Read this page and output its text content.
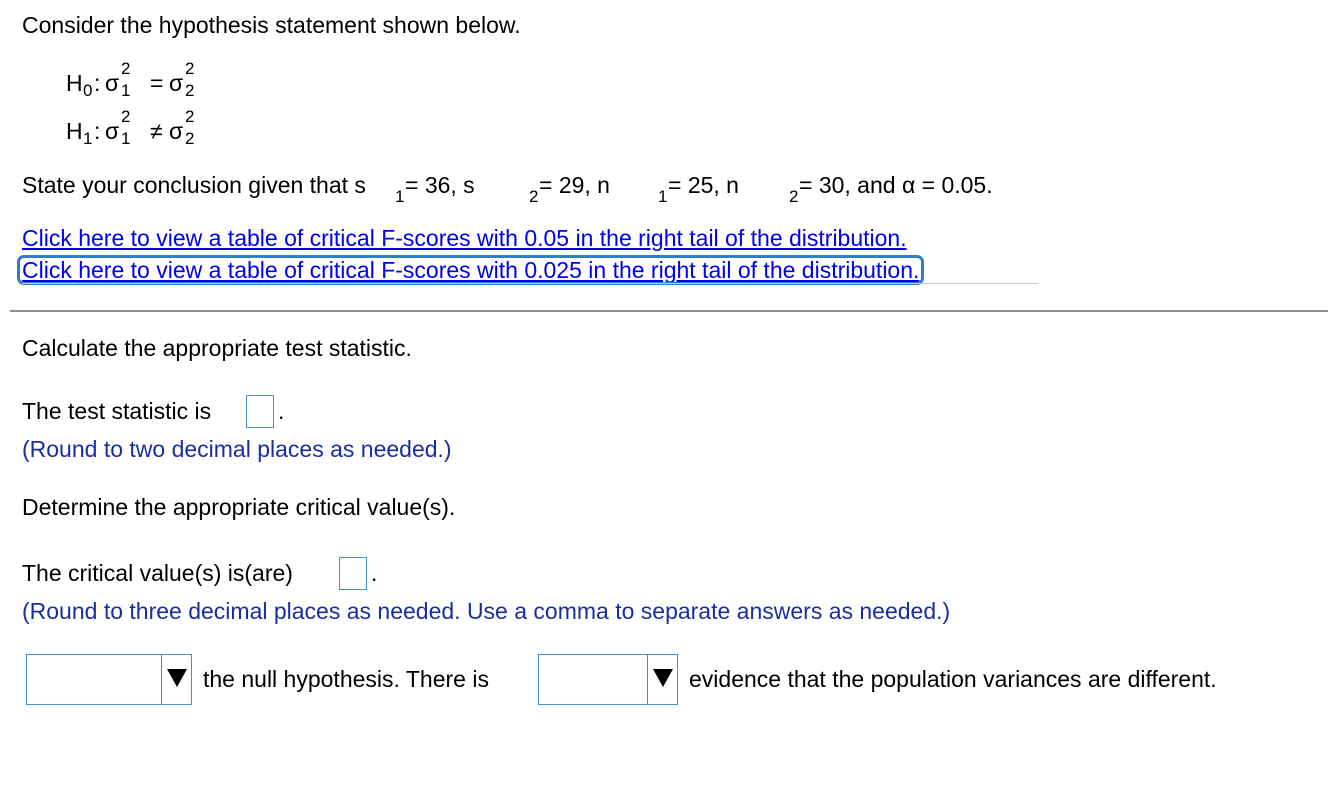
Consider the hypothesis statement shown below.
H 0 : σ
2
1 = σ
2
2
H 1 : σ
2
1 ≠ σ
2
2
State your conclusion given that s 1 = 36, s	2 = 29, n	1 = 25, n	2 = 30, and α = 0.05.
Click here to view a table of critical F-scores with 0.05 in the right tail of the distribution.
Click here to view a table of critical F-scores with 0.025 in the right tail of the distribution.
Calculate the appropriate test statistic.
The test statistic is	.
(Round to two decimal places as needed.)
Determine the appropriate critical value(s).
The critical value(s) is(are)	.
(Round to three decimal places as needed. Use a comma to separate answers as needed.)
the null hypothesis. There is	evidence that the population variances are different.
